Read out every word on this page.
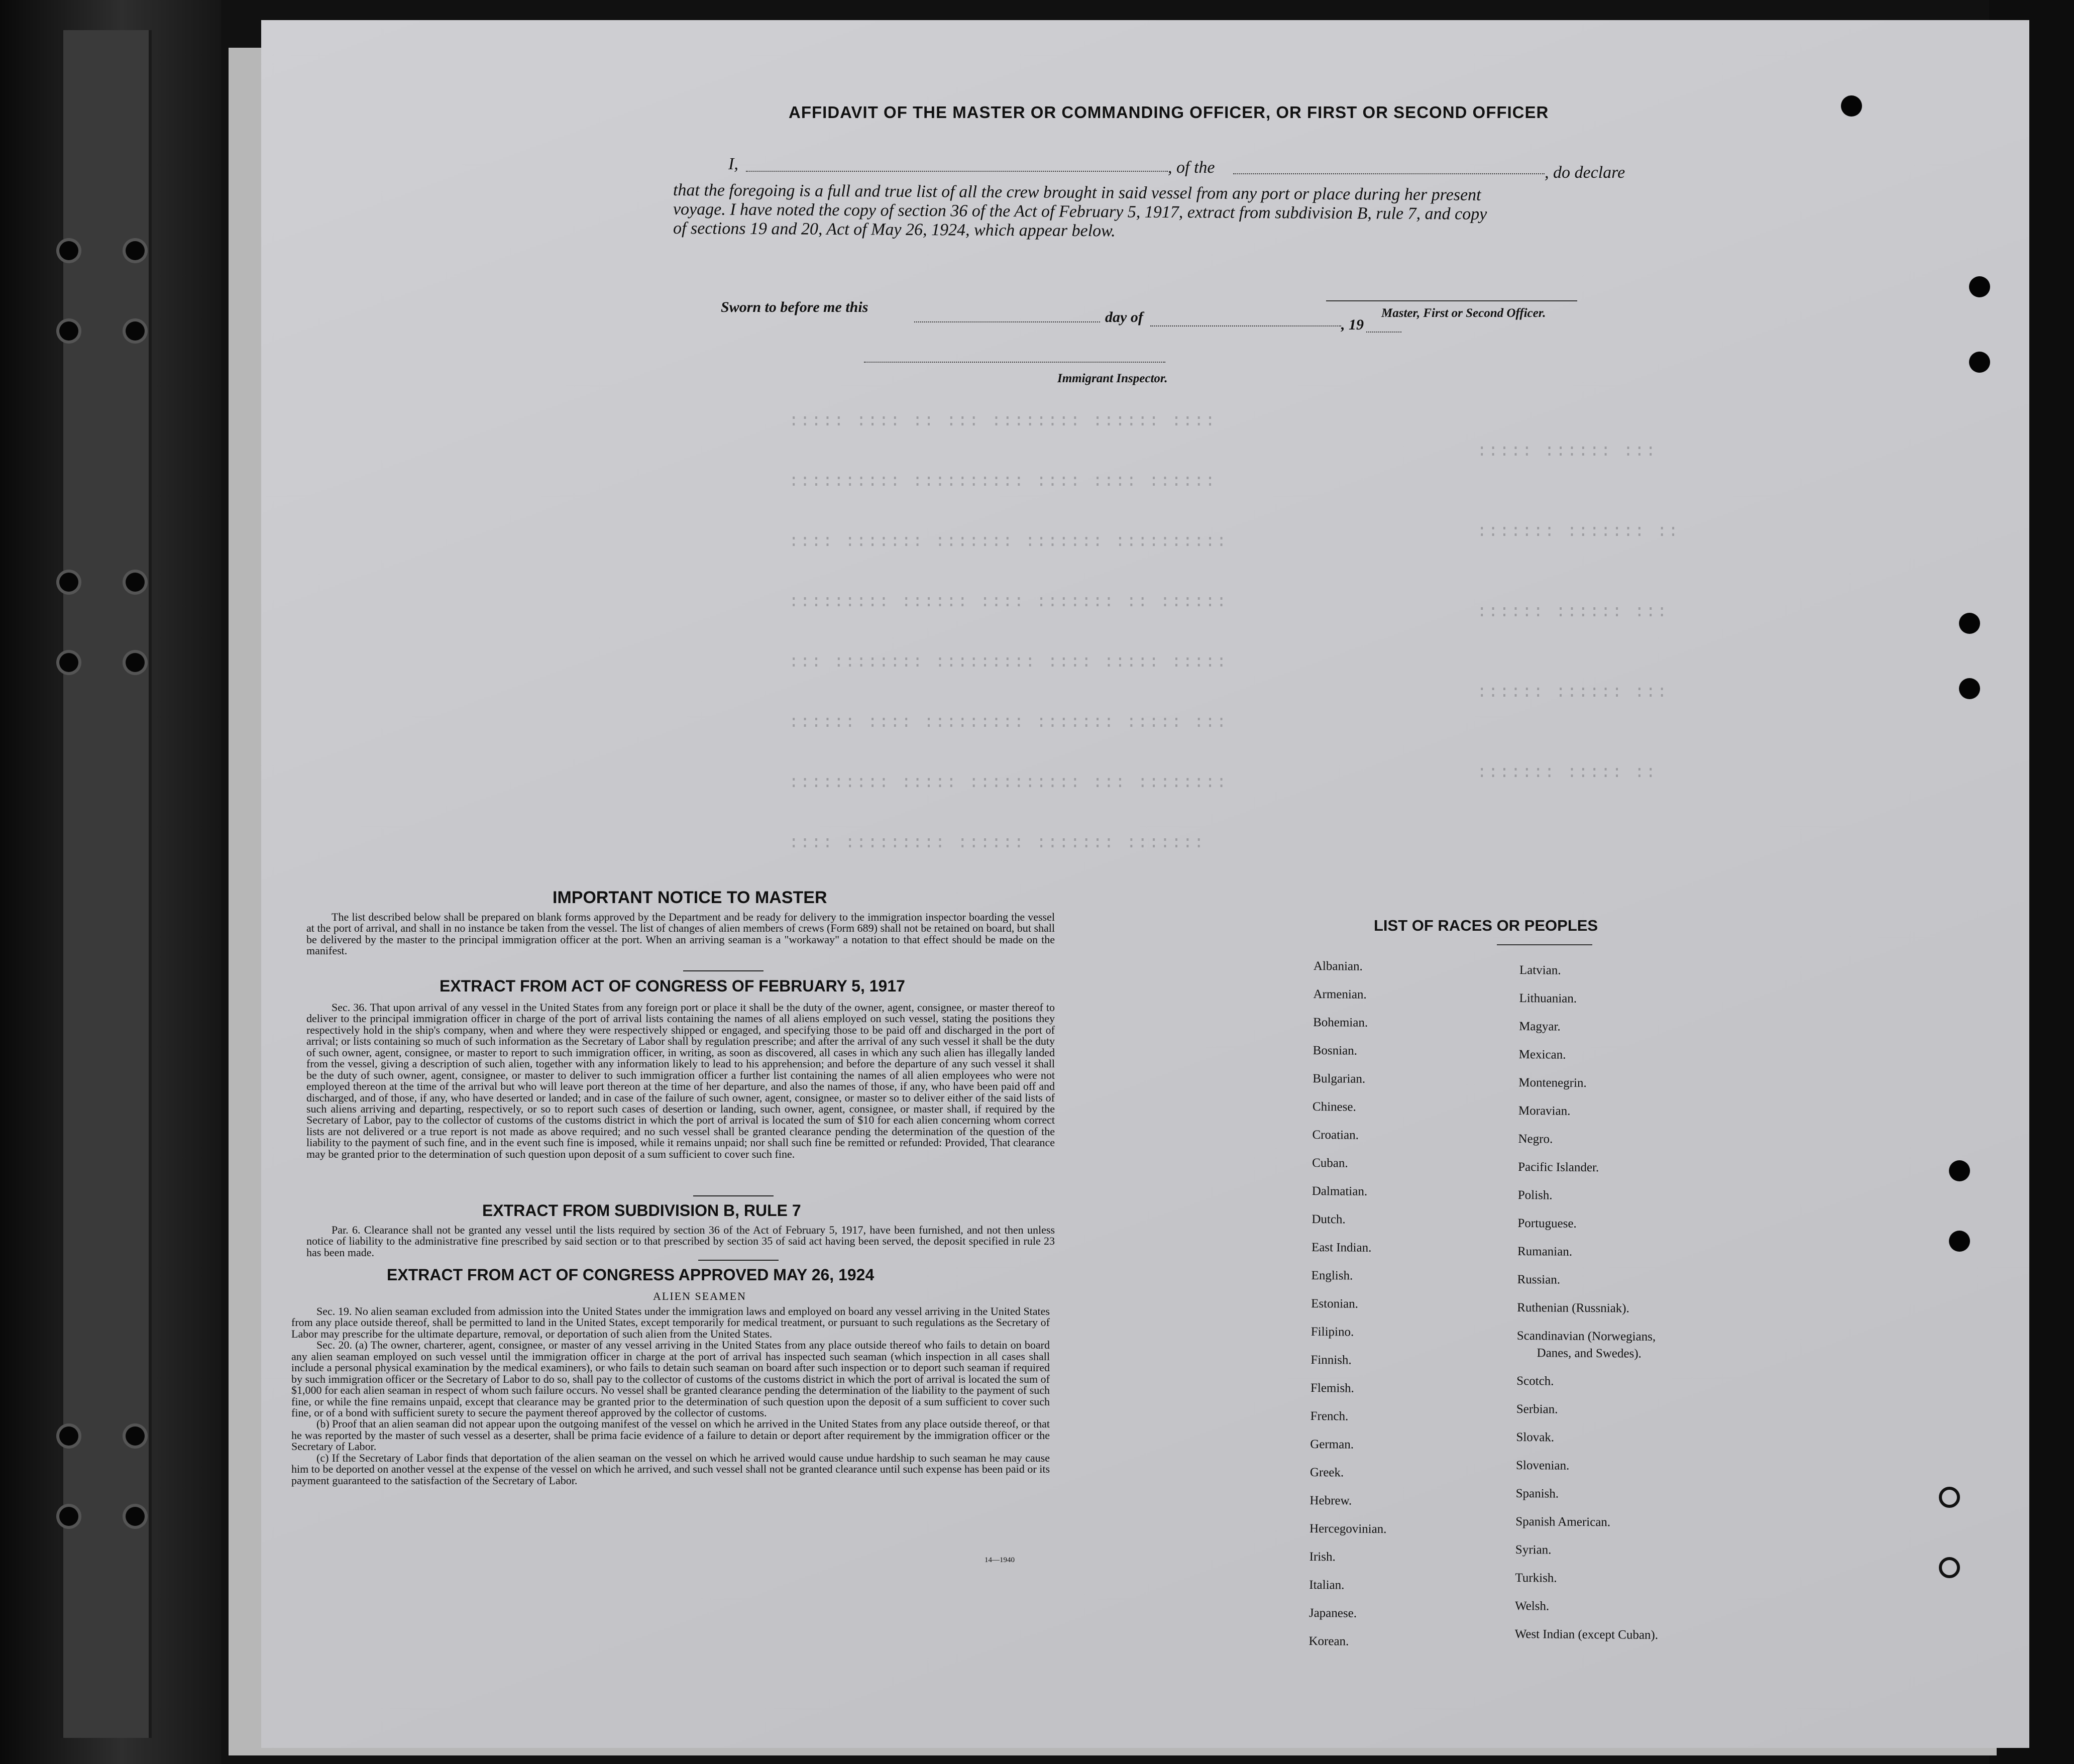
::::: :::: :: ::: :::::::: :::::: ::::
:::::::::: :::::::::: :::: :::: ::::::
:::: ::::::: ::::::: ::::::: ::::::::::
::::::::: :::::: :::: ::::::: :: ::::::
::: :::::::: ::::::::: :::: ::::: :::::
:::::: :::: ::::::::: ::::::: ::::: :::
::::::::: ::::: :::::::::: ::: ::::::::
:::: ::::::::: :::::: ::::::: :::::::
::::: :::::: :::
::::::: ::::::: ::
:::::: :::::: :::
:::::: :::::: :::
::::::: ::::: ::
AFFIDAVIT OF THE MASTER OR COMMANDING OFFICER, OR FIRST OR SECOND OFFICER
I,	, of the	, do declare
that the foregoing is a full and true list of all the crew brought in said vessel from any port or place during her present
voyage. I have noted the copy of section 36 of the Act of February 5, 1917, extract from subdivision B, rule 7, and copy
of sections 19 and 20, Act of May 26, 1924, which appear below.
Master, First or Second Officer.
Sworn to before me this
day of	, 19
Immigrant Inspector.
IMPORTANT NOTICE TO MASTER

The list described below shall be prepared on blank forms approved by the Department and be ready for delivery to the immigration inspector boarding the vessel at the port of arrival, and shall in no instance be taken from the vessel. The list of changes of alien members of crews (Form 689) shall not be retained on board, but shall be delivered by the master to the principal immigration officer at the port. When an arriving seaman is a "workaway" a notation to that effect should be made on the manifest.

EXTRACT FROM ACT OF CONGRESS OF FEBRUARY 5, 1917

Sec. 36. That upon arrival of any vessel in the United States from any foreign port or place it shall be the duty of the owner, agent, consignee, or master thereof to deliver to the principal immigration officer in charge of the port of arrival lists containing the names of all aliens employed on such vessel, stating the positions they respectively hold in the ship's company, when and where they were respectively shipped or engaged, and specifying those to be paid off and discharged in the port of arrival; or lists containing so much of such information as the Secretary of Labor shall by regulation prescribe; and after the arrival of any such vessel it shall be the duty of such owner, agent, consignee, or master to report to such immigration officer, in writing, as soon as discovered, all cases in which any such alien has illegally landed from the vessel, giving a description of such alien, together with any information likely to lead to his apprehension; and before the departure of any such vessel it shall be the duty of such owner, agent, consignee, or master to deliver to such immigration officer a further list containing the names of all alien employees who were not employed thereon at the time of the arrival but who will leave port thereon at the time of her departure, and also the names of those, if any, who have been paid off and discharged, and of those, if any, who have deserted or landed; and in case of the failure of such owner, agent, consignee, or master so to deliver either of the said lists of such aliens arriving and departing, respectively, or so to report such cases of desertion or landing, such owner, agent, consignee, or master shall, if required by the Secretary of Labor, pay to the collector of customs of the customs district in which the port of arrival is located the sum of $10 for each alien concerning whom correct lists are not delivered or a true report is not made as above required; and no such vessel shall be granted clearance pending the determination of the question of the liability to the payment of such fine, and in the event such fine is imposed, while it remains unpaid; nor shall such fine be remitted or refunded: Provided, That clearance may be granted prior to the determination of such question upon deposit of a sum sufficient to cover such fine.

EXTRACT FROM SUBDIVISION B, RULE 7

Par. 6. Clearance shall not be granted any vessel until the lists required by section 36 of the Act of February 5, 1917, have been furnished, and not then unless notice of liability to the administrative fine prescribed by said section or to that prescribed by section 35 of said act having been served, the deposit specified in rule 23 has been made.

EXTRACT FROM ACT OF CONGRESS APPROVED MAY 26, 1924
ALIEN SEAMEN

Sec. 19. No alien seaman excluded from admission into the United States under the immigration laws and employed on board any vessel arriving in the United States from any place outside thereof, shall be permitted to land in the United States, except temporarily for medical treatment, or pursuant to such regulations as the Secretary of Labor may prescribe for the ultimate departure, removal, or deportation of such alien from the United States.

Sec. 20. (a) The owner, charterer, agent, consignee, or master of any vessel arriving in the United States from any place outside thereof who fails to detain on board any alien seaman employed on such vessel until the immigration officer in charge at the port of arrival has inspected such seaman (which inspection in all cases shall include a personal physical examination by the medical examiners), or who fails to detain such seaman on board after such inspection or to deport such seaman if required by such immigration officer or the Secretary of Labor to do so, shall pay to the collector of customs of the customs district in which the port of arrival is located the sum of $1,000 for each alien seaman in respect of whom such failure occurs. No vessel shall be granted clearance pending the determination of the liability to the payment of such fine, or while the fine remains unpaid, except that clearance may be granted prior to the determination of such question upon the deposit of a sum sufficient to cover such fine, or of a bond with sufficient surety to secure the payment thereof approved by the collector of customs.

(b) Proof that an alien seaman did not appear upon the outgoing manifest of the vessel on which he arrived in the United States from any place outside thereof, or that he was reported by the master of such vessel as a deserter, shall be prima facie evidence of a failure to detain or deport after requirement by the immigration officer or the Secretary of Labor.

(c) If the Secretary of Labor finds that deportation of the alien seaman on the vessel on which he arrived would cause undue hardship to such seaman he may cause him to be deported on another vessel at the expense of the vessel on which he arrived, and such vessel shall not be granted clearance until such expense has been paid or its payment guaranteed to the satisfaction of the Secretary of Labor.

14—1940
LIST OF RACES OR PEOPLES
Albanian.
Armenian.
Bohemian.
Bosnian.
Bulgarian.
Chinese.
Croatian.
Cuban.
Dalmatian.
Dutch.
East Indian.
English.
Estonian.
Filipino.
Finnish.
Flemish.
French.
German.
Greek.
Hebrew.
Hercegovinian.
Irish.
Italian.
Japanese.
Korean.
Latvian.
Lithuanian.
Magyar.
Mexican.
Montenegrin.
Moravian.
Negro.
Pacific Islander.
Polish.
Portuguese.
Rumanian.
Russian.
Ruthenian (Russniak).
Scandinavian (Norwegians,
Danes, and Swedes).
Scotch.
Serbian.
Slovak.
Slovenian.
Spanish.
Spanish American.
Syrian.
Turkish.
Welsh.
West Indian (except Cuban).
